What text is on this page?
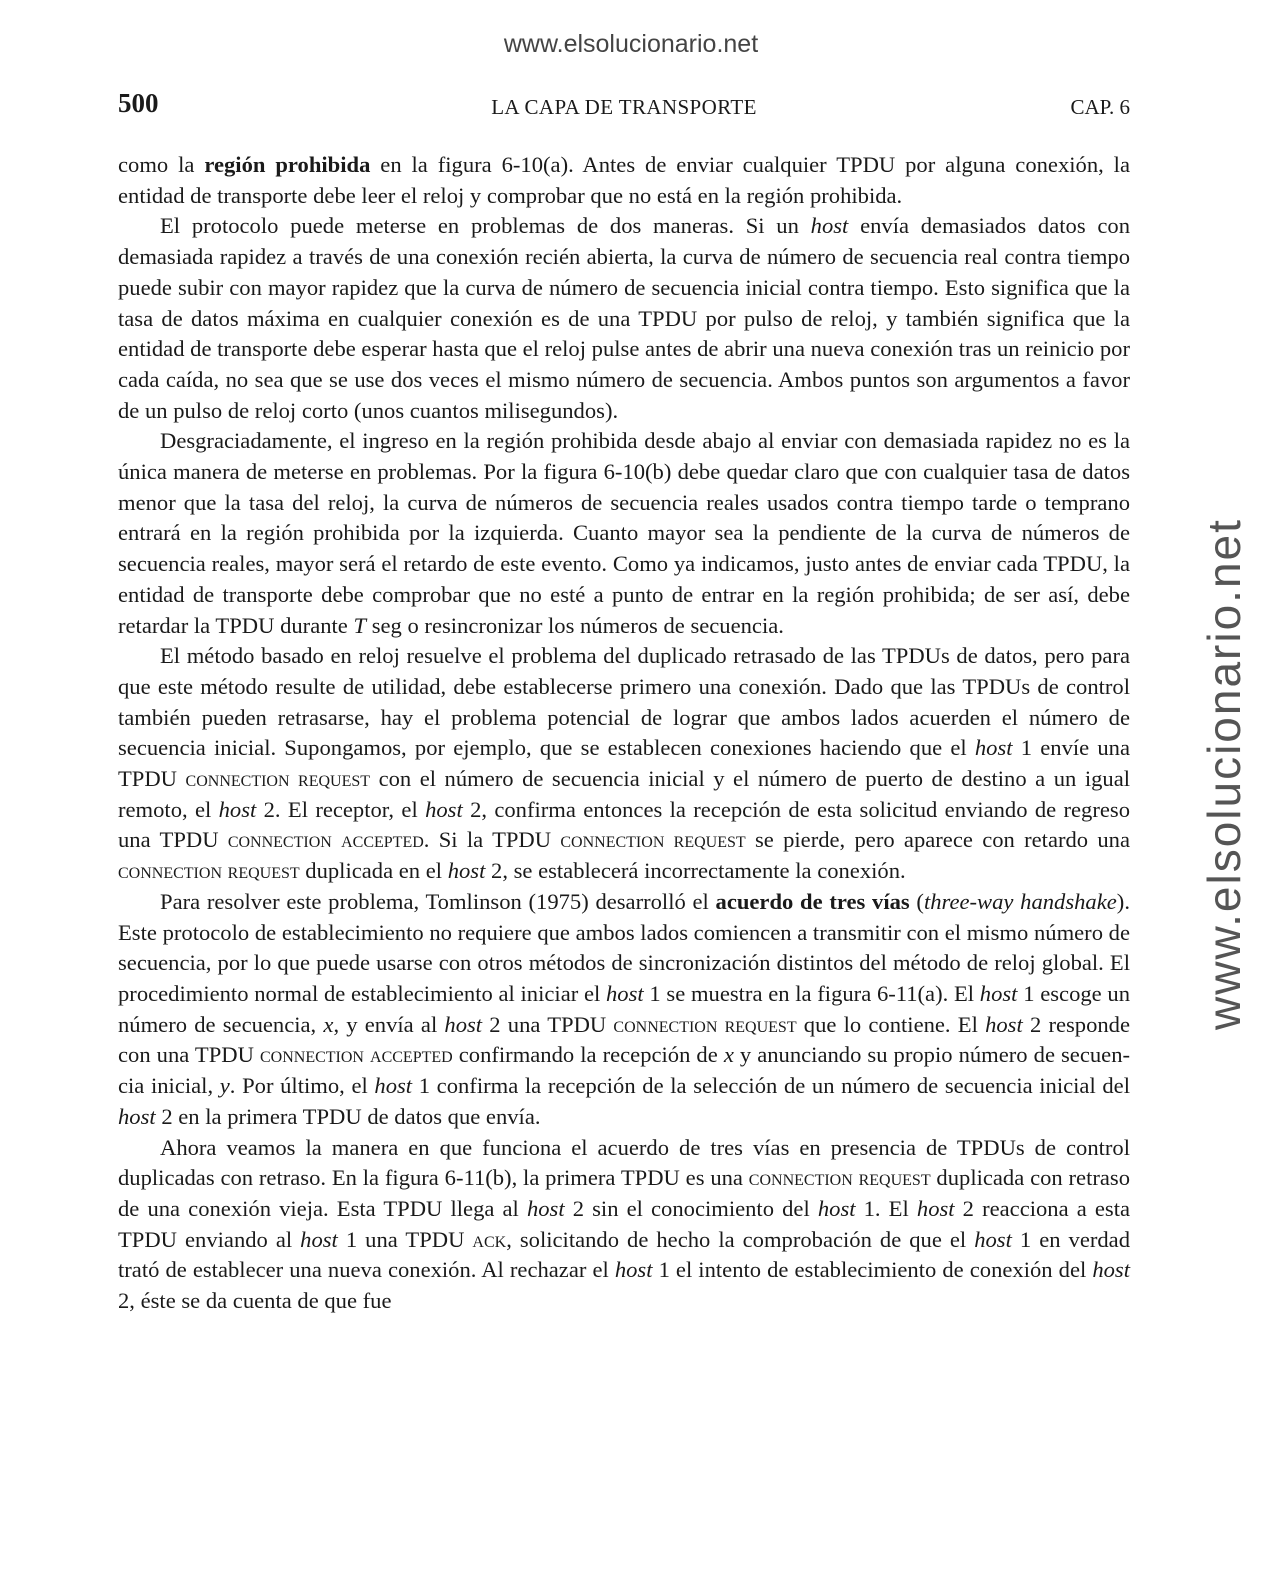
www.elsolucionario.net
www.elsolucionario.net
500	LA CAPA DE TRANSPORTE	CAP. 6

como la región prohibida en la figura 6-10(a). Antes de enviar cualquier TPDU por alguna conexión, la entidad de transporte debe leer el reloj y comprobar que no está en la región prohibida.

El protocolo puede meterse en problemas de dos maneras. Si un host envía demasiados datos con demasiada rapidez a través de una conexión recién abierta, la curva de número de secuencia real contra tiempo puede subir con mayor rapidez que la curva de número de secuencia inicial contra tiempo. Esto significa que la tasa de datos máxima en cualquier conexión es de una TPDU por pulso de reloj, y también significa que la entidad de transporte debe esperar hasta que el reloj pulse antes de abrir una nueva conexión tras un reinicio por cada caída, no sea que se use dos veces el mismo número de secuencia. Ambos puntos son argumentos a favor de un pulso de reloj corto (unos cuantos milisegundos).

Desgraciadamente, el ingreso en la región prohibida desde abajo al enviar con demasiada rapidez no es la única manera de meterse en problemas. Por la figura 6-10(b) debe quedar claro que con cualquier tasa de datos menor que la tasa del reloj, la curva de números de secuencia reales usados contra tiempo tarde o temprano entrará en la región prohibida por la izquierda. Cuanto mayor sea la pendiente de la curva de números de secuencia reales, mayor será el retardo de este evento. Como ya indicamos, justo antes de enviar cada TPDU, la entidad de transporte debe comprobar que no esté a punto de entrar en la región prohibida; de ser así, debe retardar la TPDU durante T seg o resincronizar los números de secuencia.

El método basado en reloj resuelve el problema del duplicado retrasado de las TPDUs de datos, pero para que este método resulte de utilidad, debe establecerse primero una conexión. Dado que las TPDUs de control también pueden retrasarse, hay el problema potencial de lograr que ambos lados acuerden el número de secuencia inicial. Supongamos, por ejemplo, que se establecen conexiones haciendo que el host 1 envíe una TPDU connection request con el número de secuencia inicial y el número de puerto de destino a un igual remoto, el host 2. El receptor, el host 2, confirma entonces la recepción de esta solicitud enviando de regreso una TPDU connection accepted. Si la TPDU connection request se pierde, pero aparece con retardo una connection request duplicada en el host 2, se establecerá incorrectamente la conexión.

Para resolver este problema, Tomlinson (1975) desarrolló el acuerdo de tres vías (three-way handshake). Este protocolo de establecimiento no requiere que ambos lados comiencen a transmitir con el mismo número de secuencia, por lo que puede usarse con otros métodos de sincronización distintos del método de reloj global. El procedimiento normal de establecimiento al iniciar el host 1 se muestra en la figura 6-11(a). El host 1 escoge un número de secuencia, x, y envía al host 2 una TPDU connection request que lo contiene. El host 2 responde con una TPDU connection accepted confirmando la recepción de x y anunciando su propio número de secuencia inicial, y. Por último, el host 1 confirma la recepción de la selección de un número de secuencia inicial del host 2 en la primera TPDU de datos que envía.

Ahora veamos la manera en que funciona el acuerdo de tres vías en presencia de TPDUs de control duplicadas con retraso. En la figura 6-11(b), la primera TPDU es una connection request duplicada con retraso de una conexión vieja. Esta TPDU llega al host 2 sin el conocimiento del host 1. El host 2 reacciona a esta TPDU enviando al host 1 una TPDU ack, solicitando de hecho la comprobación de que el host 1 en verdad trató de establecer una nueva conexión. Al rechazar el host 1 el intento de establecimiento de conexión del host 2, éste se da cuenta de que fue
